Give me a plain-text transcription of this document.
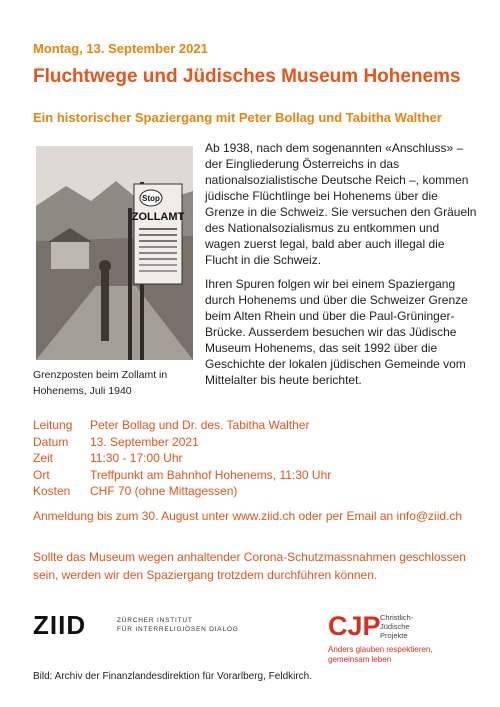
Montag, 13. September 2021
Fluchtwege und Jüdisches Museum Hohenems
Ein historischer Spaziergang mit Peter Bollag und Tabitha Walther
Stop
ZOLLAMT
Grenzposten beim Zollamt in
Hohenems, Juli 1940

Ab 1938, nach dem sogenannten «Anschluss» – der Eingliederung Österreichs in das nationalsozialistische Deutsche Reich –, kommen jüdische Flüchtlinge bei Hohenems über die Grenze in die Schweiz. Sie versuchen den Gräueln des Nationalsozialismus zu entkommen und wagen zuerst legal, bald aber auch illegal die Flucht in die Schweiz.

Ihren Spuren folgen wir bei einem Spaziergang durch Hohenems und über die Schweizer Grenze beim Alten Rhein und über die Paul-Grüninger-Brücke. Ausserdem besuchen wir das Jüdische Museum Hohenems, das seit 1992 über die Geschichte der lokalen jüdischen Gemeinde vom Mittelalter bis heute berichtet.

Leitung	Peter Bollag und Dr. des. Tabitha Walther
Datum	13. September 2021
Zeit	11:30 - 17:00 Uhr
Ort	Treffpunkt am Bahnhof Hohenems, 11:30 Uhr
Kosten	CHF 70 (ohne Mittagessen)
Anmeldung bis zum 30. August unter www.ziid.ch oder per Email an info@ziid.ch
Sollte das Museum wegen anhaltender Corona-Schutzmassnahmen geschlossen sein, werden wir den Spaziergang trotzdem durchführen können.
ZIID	ZÜRCHER INSTITUT
FÜR INTERRELIGIÖSEN DIALOG	CJP Christlich-
Jüdische
Projekte
Anders glauben respektieren,
gemeinsam leben
Bild: Archiv der Finanzlandesdirektion für Vorarlberg, Feldkirch.
